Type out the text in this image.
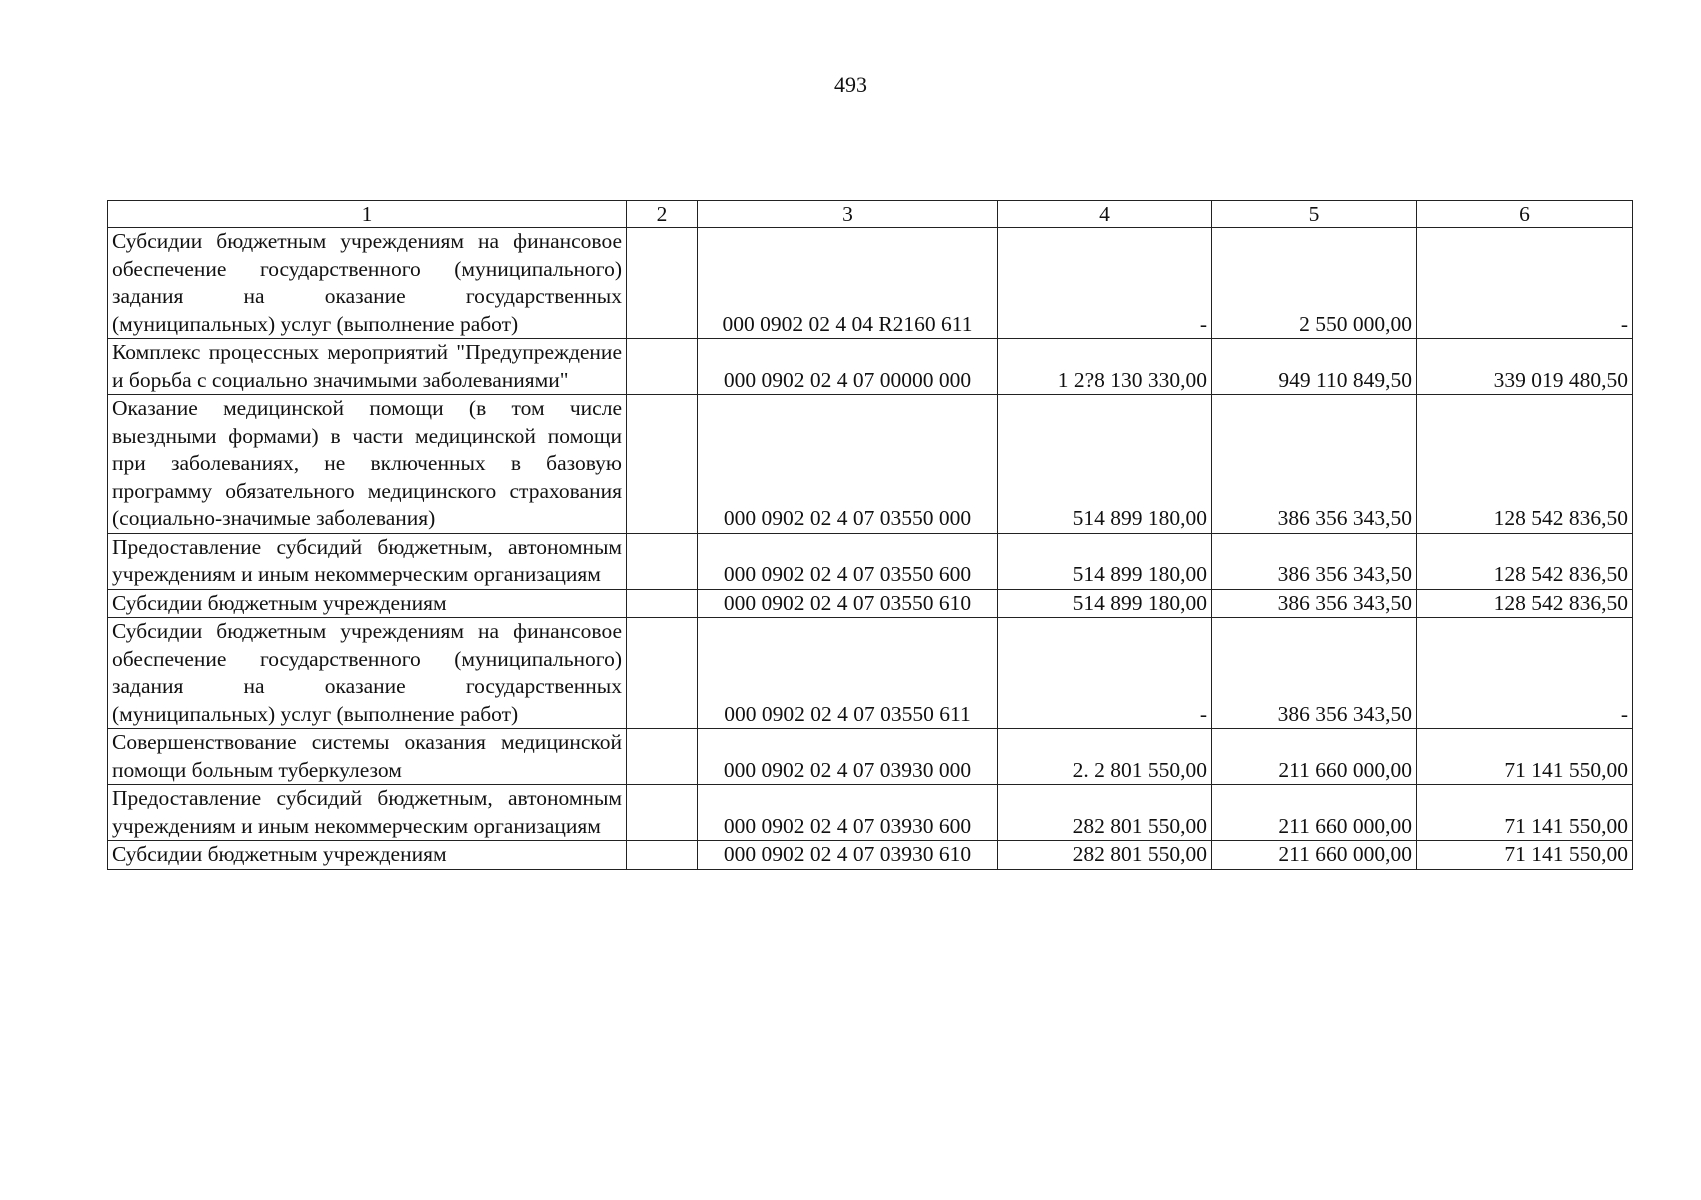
493
1	2	3	4	5	6
Субсидии бюджетным учреждениям на финансовое обеспечение государственного (муниципального) задания на оказание государственных (муниципальных) услуг (выполнение работ)		000 0902 02 4 04 R2160 611	-	2 550 000,00	-
Комплекс процессных мероприятий "Предупреждение и борьба с социально значимыми заболеваниями"		000 0902 02 4 07 00000 000	1 2?8 130 330,00	949 110 849,50	339 019 480,50
Оказание медицинской помощи (в том числе выездными формами) в части медицинской помощи при заболеваниях, не включенных в базовую программу обязательного медицинского страхования (социально-значимые заболевания)		000 0902 02 4 07 03550 000	514 899 180,00	386 356 343,50	128 542 836,50
Предоставление субсидий бюджетным, автономным учреждениям и иным некоммерческим организациям		000 0902 02 4 07 03550 600	514 899 180,00	386 356 343,50	128 542 836,50
Субсидии бюджетным учреждениям		000 0902 02 4 07 03550 610	514 899 180,00	386 356 343,50	128 542 836,50
Субсидии бюджетным учреждениям на финансовое обеспечение государственного (муниципального) задания на оказание государственных (муниципальных) услуг (выполнение работ)		000 0902 02 4 07 03550 611	-	386 356 343,50	-
Совершенствование системы оказания медицинской помощи больным туберкулезом		000 0902 02 4 07 03930 000	2. 2 801 550,00	211 660 000,00	71 141 550,00
Предоставление субсидий бюджетным, автономным учреждениям и иным некоммерческим организациям		000 0902 02 4 07 03930 600	282 801 550,00	211 660 000,00	71 141 550,00
Субсидии бюджетным учреждениям		000 0902 02 4 07 03930 610	282 801 550,00	211 660 000,00	71 141 550,00
